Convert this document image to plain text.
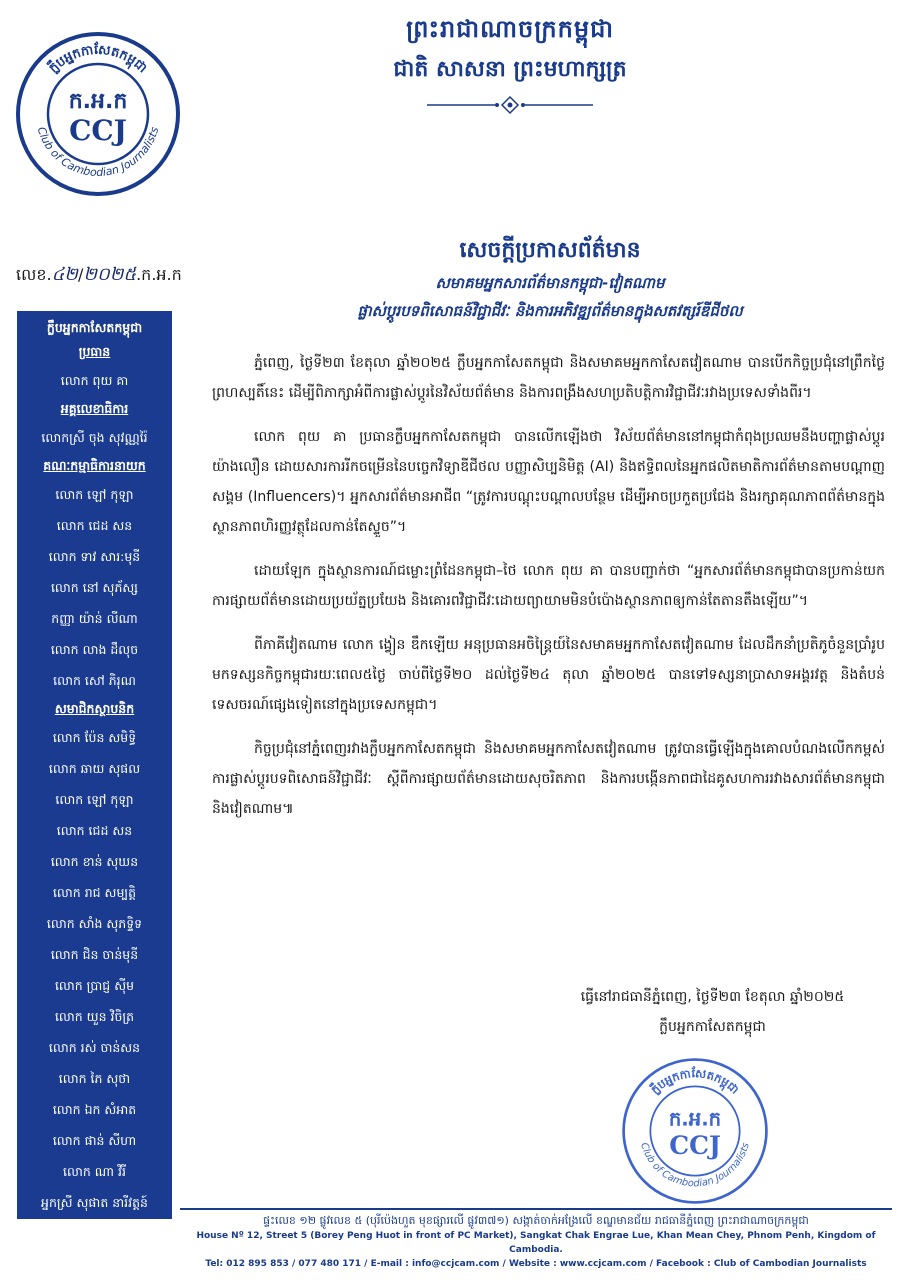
ក្លឹបអ្នកកាសែតកម្ពុជា
Club of Cambodian Journalists
ក.អ.ក
CCJ
ព្រះរាជាណាចក្រកម្ពុជា
ជាតិ សាសនា ព្រះមហាក្សត្រ
លេខ.៤២/២០២៥.ក.អ.ក
ក្លឹបអ្នកកាសែតកម្ពុជា
ប្រធាន
លោក ពុយ គា
អគ្គលេខាធិការ
លោកស្រី ចុង សុវណ្ណរ៉ៃ
គណៈកម្មាធិការនាយក
លោក ឡៅ កុឡា
លោក ជេដ សន
លោក ទាវ សារ:មុនី
លោក នៅ សុភ័ស្ស
កញ្ញា យ៉ាន់ លីណា
លោក លាង ដឹលុច
លោក សៅ ភិរុណ
សមាជិកស្ថាបនិក
លោក ប៉ែន សមិទ្ធិ
លោក ឆាយ សុផល
លោក ឡៅ កុឡា
លោក ជេដ សន
លោក ខាន់ សុឃន
លោក រាជ សម្បត្តិ
លោក សាំង សុភទ្ទិទ
លោក ជិន ចាន់មុនី
លោក ប្រាជ្ញ ស៊ីម
លោក យួន វិចិត្រ
លោក រស់ ចាន់សន
លោក ភៃ សុថា
លោក ឯក សំអាត
លោក ផាន់ សីហា
លោក ណា វិរី
អ្នកស្រី សុផាត នារីវត្តន៍
លោក យូ បូ
សេចក្តីប្រកាសព័ត៌មាន
សមាគមអ្នកសារព័ត៌មានកម្ពុជា-វៀតណាម
ផ្លាស់ប្តូរបទពិសោធន៍វិជ្ជាជីវៈ និងការអភិវឌ្ឍព័ត៌មានក្នុងសតវត្សរ៍ឌីជីថល

ភ្នំពេញ, ថ្ងៃទី២៣ ខែតុលា ឆ្នាំ២០២៥ ក្លឹបអ្នកកាសែតកម្ពុជា និងសមាគមអ្នកកាសែតវៀតណាម បានបើកកិច្ចប្រជុំនៅព្រឹកថ្ងៃព្រហស្បតិ៍នេះ ដើម្បីពិភាក្សាអំពីការផ្លាស់ប្តូរនៃវិស័យព័ត៌មាន និងការពង្រឹងសហប្រតិបត្តិការវិជ្ជាជីវៈរវាងប្រទេសទាំងពីរ។

លោក ពុយ គា ប្រធានក្លឹបអ្នកកាសែតកម្ពុជា បានលើកឡើងថា វិស័យព័ត៌មាននៅកម្ពុជាកំពុងប្រឈមនឹងបញ្ហាផ្លាស់ប្តូរយ៉ាងលឿន ដោយសារការរីកចម្រើននៃបច្ចេកវិទ្យាឌីជីថល បញ្ញាសិប្បនិមិត្ត (AI) និងឥទ្ធិពលនៃអ្នកផលិតមាតិការព័ត៌មានតាមបណ្តាញសង្គម (Influencers)។ អ្នកសារព័ត៌មានអាជីព “ត្រូវការបណ្តុះបណ្តាលបន្ថែម ដើម្បីអាចប្រកួតប្រជែង និងរក្សាគុណភាពព័ត៌មានក្នុងស្ថានភាពហិរញ្ញវត្ថុដែលកាន់តែស្ទួច”។

ដោយឡែក ក្នុងស្ថានការណ៍ជម្លោះព្រំដែនកម្ពុជា–ថៃ លោក ពុយ គា បានបញ្ជាក់ថា “អ្នកសារព័ត៌មានកម្ពុជាបានប្រកាន់យកការផ្សាយព័ត៌មានដោយប្រយ័ត្នប្រយែង និងគោរពវិជ្ជាជីវៈដោយព្យាយាមមិនបំប៉ោងស្ថានភាពឲ្យកាន់តែតានតឹងឡើយ”។

ពីភាគីវៀតណាម លោក ង្វៀន ឌឹកឡើយ អនុប្រធានអចិន្ត្រៃយ៍នៃសមាគមអ្នកកាសែតវៀតណាម ដែលដឹកនាំប្រតិភូចំនួនប្រាំរូប មកទស្សនកិច្ចកម្ពុជារយៈពេល៥ថ្ងៃ ចាប់ពីថ្ងៃទី២០ ដល់ថ្ងៃទី២៤ តុលា ឆ្នាំ២០២៥ បានទៅទស្សនាប្រាសាទអង្គរវត្ត និងតំបន់ទេសចរណ៍ផ្សេងទៀតនៅក្នុងប្រទេសកម្ពុជា។

កិច្ចប្រជុំនៅភ្នំពេញរវាងក្លឹបអ្នកកាសែតកម្ពុជា និងសមាគមអ្នកកាសែតវៀតណាម ត្រូវបានធ្វើឡើងក្នុងគោលបំណងលើកកម្ពស់ការផ្លាស់ប្តូរបទពិសោធន៍វិជ្ជាជីវៈ ស្តីពីការផ្សាយព័ត៌មានដោយសុចរិតភាព និងការបង្កើនភាពជាដៃគូសហការរវាងសារព័ត៌មានកម្ពុជា និងវៀតណាម៕

ធ្វើនៅរាជធានីភ្នំពេញ, ថ្ងៃទី២៣ ខែតុលា ឆ្នាំ២០២៥
ក្លឹបអ្នកកាសែតកម្ពុជា
ក្លឹបអ្នកកាសែតកម្ពុជា
Club of Cambodian Journalists
ក.អ.ក
CCJ
ផ្ទះលេខ ១២ ផ្លូវលេខ ៥ (បុរីប៉េងហួត មុខផ្សារលើ ផ្លូវ៣៧១) សង្កាត់ចាក់អង្រែលើ ខណ្ឌមានជ័យ រាជធានីភ្នំពេញ ព្រះរាជាណាចក្រកម្ពុជា
House Nº 12, Street 5 (Borey Peng Huot in front of PC Market), Sangkat Chak Engrae Lue, Khan Mean Chey, Phnom Penh, Kingdom of Cambodia.
Tel: 012 895 853 / 077 480 171 / E-mail : info@ccjcam.com / Website : www.ccjcam.com / Facebook : Club of Cambodian Journalists
